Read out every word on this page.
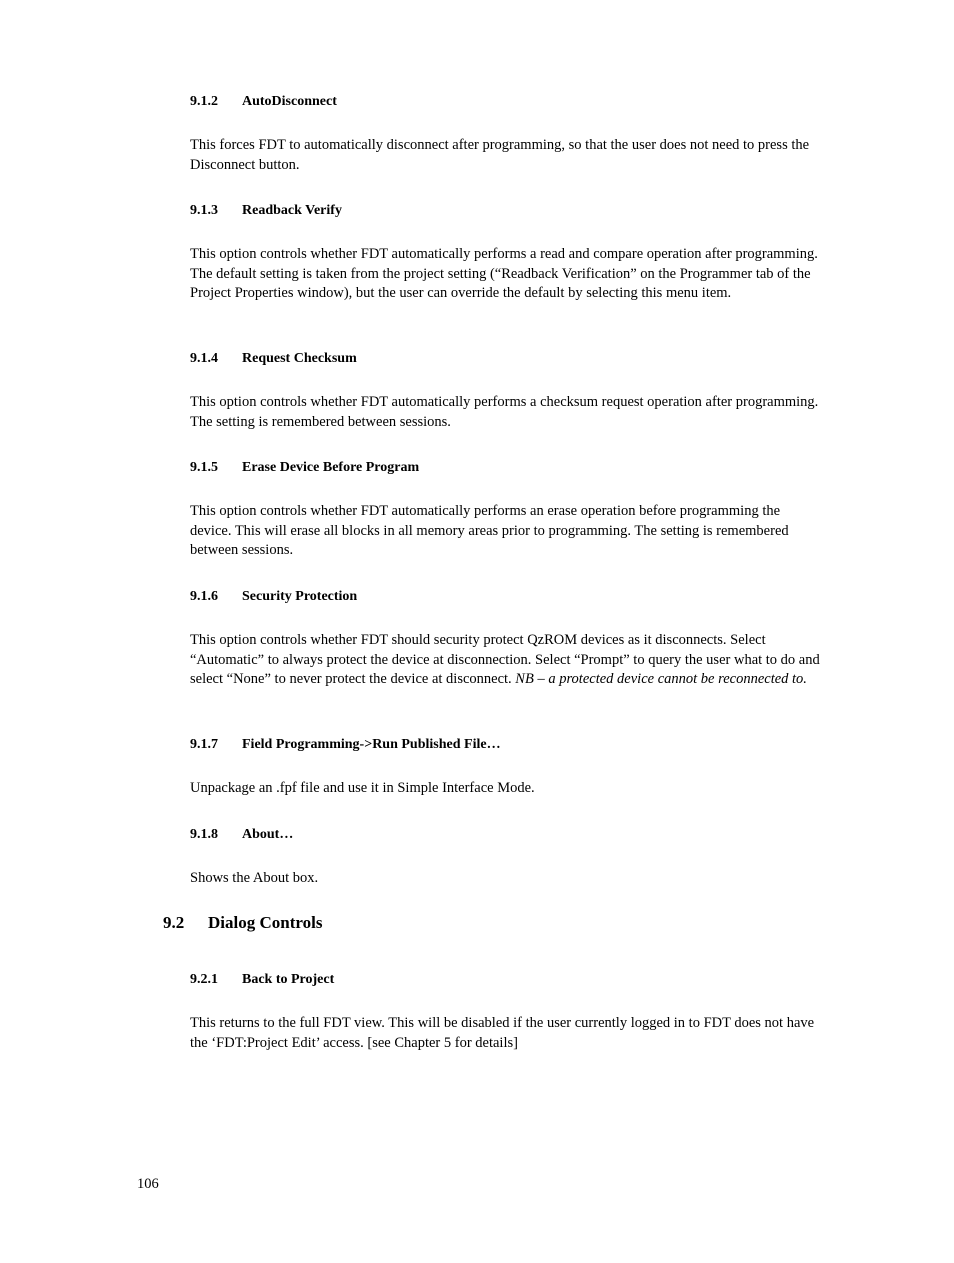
9.1.2 AutoDisconnect
This forces FDT to automatically disconnect after programming, so that the user does not need to press the Disconnect button.
9.1.3 Readback Verify
This option controls whether FDT automatically performs a read and compare operation after programming. The default setting is taken from the project setting (“Readback Verification” on the Programmer tab of the Project Properties window), but the user can override the default by selecting this menu item.
9.1.4 Request Checksum
This option controls whether FDT automatically performs a checksum request operation after programming. The setting is remembered between sessions.
9.1.5 Erase Device Before Program
This option controls whether FDT automatically performs an erase operation before programming the device. This will erase all blocks in all memory areas prior to programming. The setting is remembered between sessions.
9.1.6 Security Protection
This option controls whether FDT should security protect QzROM devices as it disconnects. Select “Automatic” to always protect the device at disconnection. Select “Prompt” to query the user what to do and select “None” to never protect the device at disconnect. NB – a protected device cannot be reconnected to.
9.1.7 Field Programming->Run Published File…
Unpackage an .fpf file and use it in Simple Interface Mode.
9.1.8 About…
Shows the About box.
9.2 Dialog Controls
9.2.1 Back to Project
This returns to the full FDT view. This will be disabled if the user currently logged in to FDT does not have the ‘FDT:Project Edit’ access. [see Chapter 5 for details]
106
